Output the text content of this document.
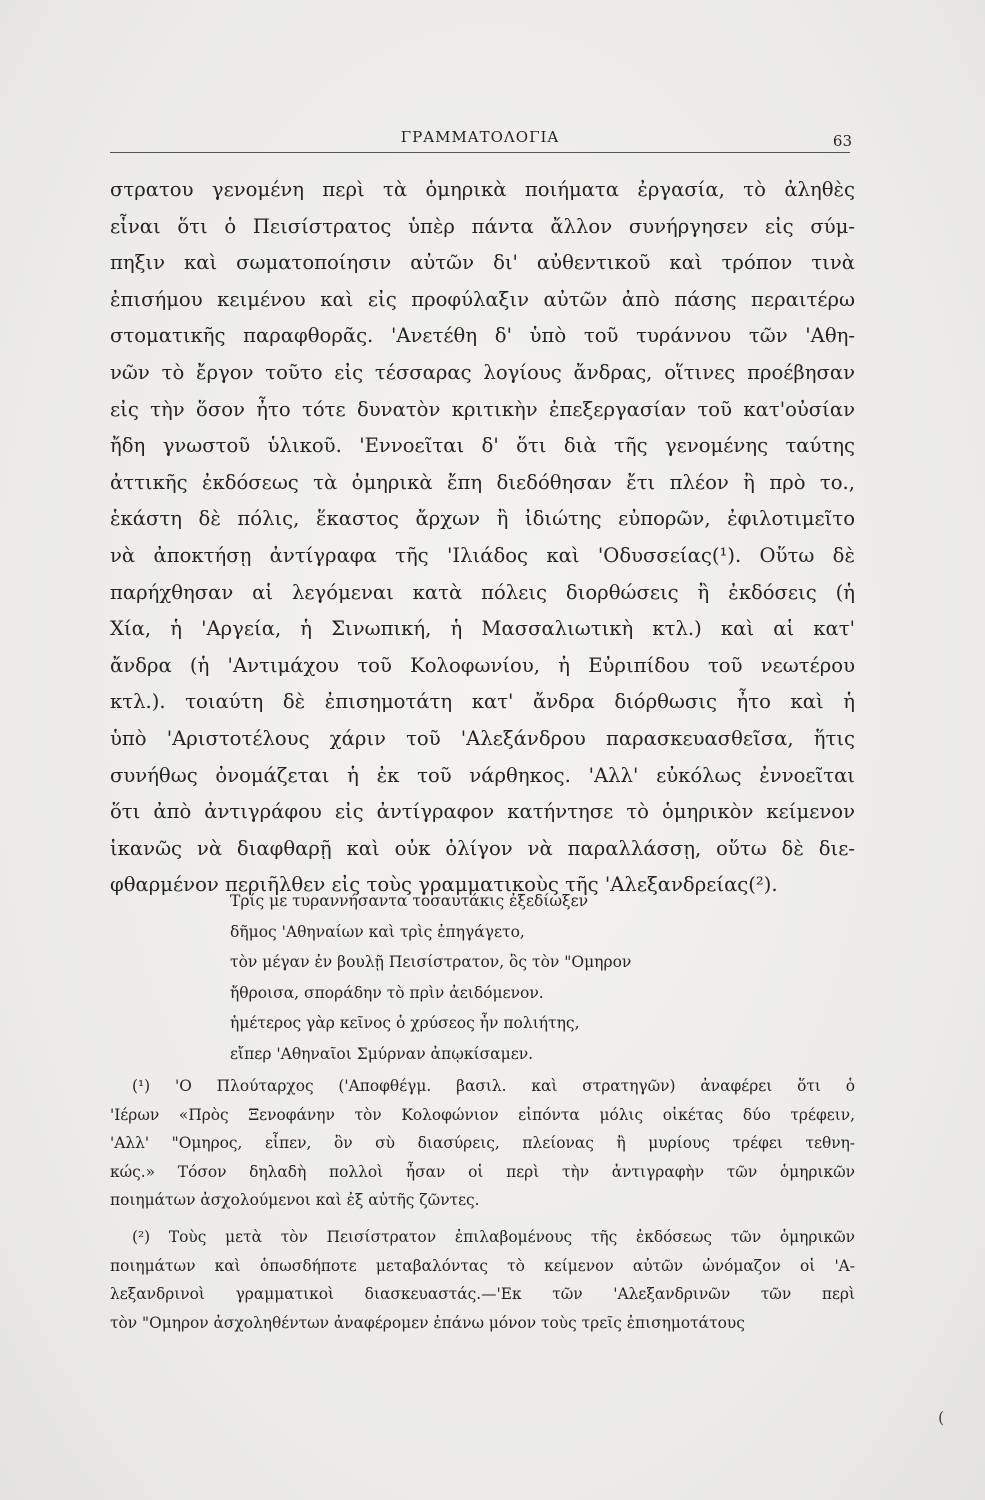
ΓΡΑΜΜΑΤΟΛΟΓΙΑ	63
στρατου γενομένη περὶ τὰ ὁμηρικὰ ποιήματα ἐργασία, τὸ ἀληθὲς
εἶναι ὅτι ὁ Πεισίστρατος ὑπὲρ πάντα ἄλλον συνήργησεν εἰς σύμ-
πηξιν καὶ σωματοποίησιν αὐτῶν δι' αὐθεντικοῦ καὶ τρόπον τινὰ
ἐπισήμου κειμένου καὶ εἰς προφύλαξιν αὐτῶν ἀπὸ πάσης περαιτέρω
στοματικῆς παραφθορᾶς. 'Ανετέθη δ' ὑπὸ τοῦ τυράννου τῶν 'Αθη-
νῶν τὸ ἔργον τοῦτο εἰς τέσσαρας λογίους ἄνδρας, οἵτινες προέβησαν
εἰς τὴν ὅσον ἦτο τότε δυνατὸν κριτικὴν ἐπεξεργασίαν τοῦ κατ'οὐσίαν
ἤδη γνωστοῦ ὑλικοῦ. 'Εννοεῖται δ' ὅτι διὰ τῆς γενομένης ταύτης
ἀττικῆς ἐκδόσεως τὰ ὁμηρικὰ ἔπη διεδόθησαν ἔτι πλέον ἢ πρὸ το.,
ἑκάστη δὲ πόλις, ἕκαστος ἄρχων ἢ ἰδιώτης εὐπορῶν, ἐφιλοτιμεῖτο
νὰ ἀποκτήσῃ ἀντίγραφα τῆς 'Ιλιάδος καὶ 'Οδυσσείας(¹). Οὕτω δὲ
παρήχθησαν αἱ λεγόμεναι κατὰ πόλεις διορθώσεις ἢ ἐκδόσεις (ἡ
Χία, ἡ 'Αργεία, ἡ Σινωπική, ἡ Μασσαλιωτικὴ κτλ.) καὶ αἱ κατ'
ἄνδρα (ἡ 'Αντιμάχου τοῦ Κολοφωνίου, ἡ Εὐριπίδου τοῦ νεωτέρου
κτλ.). τοιαύτη δὲ ἐπισημοτάτη κατ' ἄνδρα διόρθωσις ἦτο καὶ ἡ
ὑπὸ 'Αριστοτέλους χάριν τοῦ 'Αλεξάνδρου παρασκευασθεῖσα, ἥτις
συνήθως ὀνομάζεται ἡ ἐκ τοῦ νάρθηκος. 'Αλλ' εὐκόλως ἐννοεῖται
ὅτι ἀπὸ ἀντιγράφου εἰς ἀντίγραφον κατήντησε τὸ ὁμηρικὸν κείμενον
ἱκανῶς νὰ διαφθαρῇ καὶ οὐκ ὀλίγον νὰ παραλλάσσῃ, οὕτω δὲ διε-
φθαρμένον περιῆλθεν εἰς τοὺς γραμματικοὺς τῆς 'Αλεξανδρείας(²).
Τρίς με τυραννήσαντα τοσαυτάκις ἐξεδίωξεν
δῆμος 'Αθηναίων καὶ τρὶς ἐπηγάγετο,
τὸν μέγαν ἐν βουλῇ Πεισίστρατον, ὃς τὸν "Ομηρον
ἤθροισα, σποράδην τὸ πρὶν ἀειδόμενον.
ἡμέτερος γὰρ κεῖνος ὁ χρύσεος ἦν πολιήτης,
εἴπερ 'Αθηναῖοι Σμύρναν ἀπῳκίσαμεν.
(¹) 'Ο Πλούταρχος ('Αποφθέγμ. βασιλ. καὶ στρατηγῶν) ἀναφέρει ὅτι ὁ
'Ιέρων «Πρὸς Ξενοφάνην τὸν Κολοφώνιον εἰπόντα μόλις οἰκέτας δύο τρέφειν,
'Αλλ' "Ομηρος, εἶπεν, ὃν σὺ διασύρεις, πλείονας ἢ μυρίους τρέφει τεθνη-
κώς.» Τόσον δηλαδὴ πολλοὶ ἦσαν οἱ περὶ τὴν ἀντιγραφὴν τῶν ὁμηρικῶν
ποιημάτων ἀσχολούμενοι καὶ ἐξ αὐτῆς ζῶντες.
(²) Τοὺς μετὰ τὸν Πεισίστρατον ἐπιλαβομένους τῆς ἐκδόσεως τῶν ὁμηρικῶν
ποιημάτων καὶ ὁπωσδήποτε μεταβαλόντας τὸ κείμενον αὐτῶν ὠνόμαζον οἱ 'Α-
λεξανδρινοὶ γραμματικοὶ διασκευαστάς.—'Εκ τῶν 'Αλεξανδρινῶν τῶν περὶ
τὸν "Ομηρον ἀσχοληθέντων ἀναφέρομεν ἐπάνω μόνον τοὺς τρεῖς ἐπισημοτάτους
(
